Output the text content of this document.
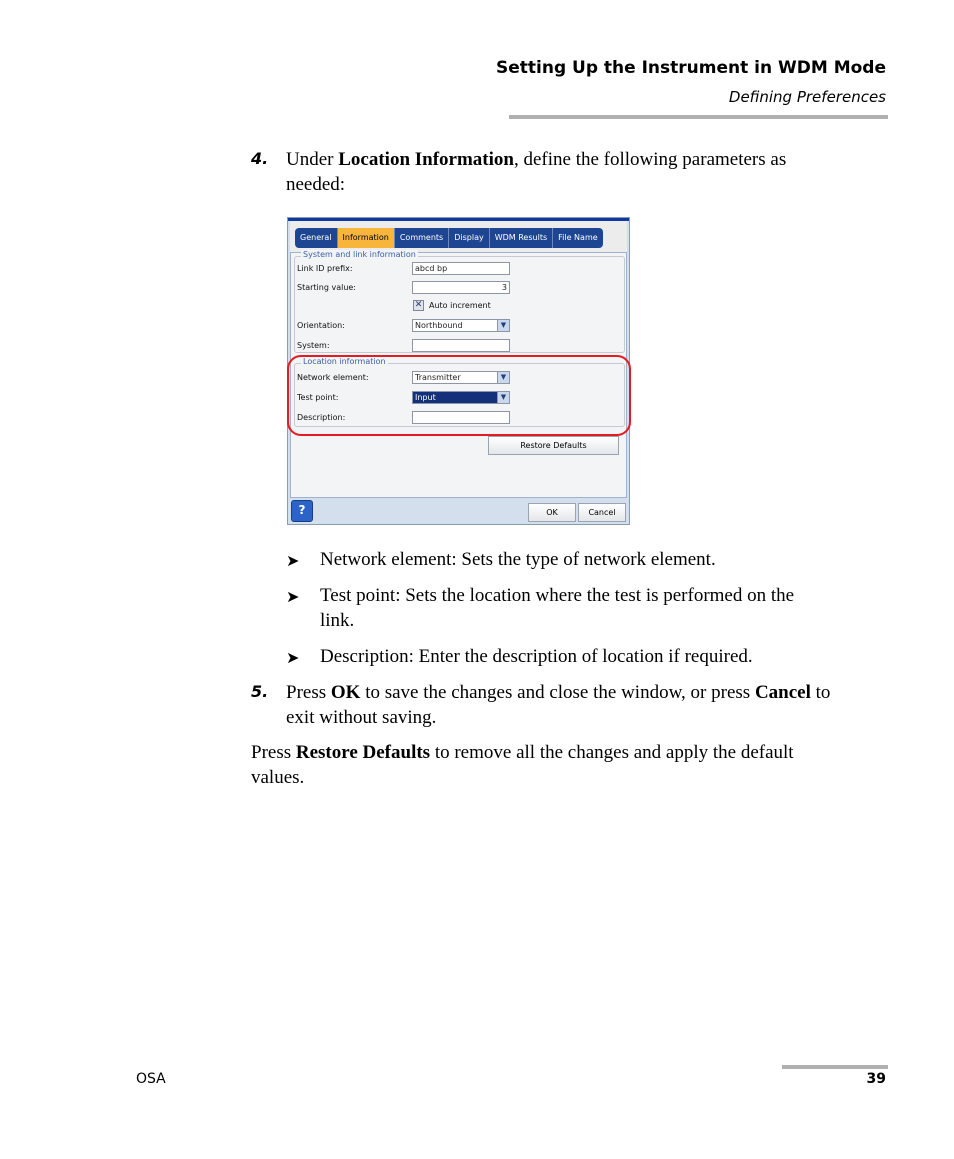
Setting Up the Instrument in WDM Mode
Defining Preferences
4. Under Location Information, define the following parameters as
needed:
General	Information	Comments	Display	WDM Results	File Name
System and link information
Link ID prefix:	abcd bp
Starting value:	3
✕ Auto increment
Orientation:	Northbound	▼
System:
Location information
Network element:	Transmitter	▼
Test point:	Input	▼
Description:
Restore Defaults
?	OK	Cancel
➤ Network element: Sets the type of network element.
➤ Test point: Sets the location where the test is performed on the
link.
➤ Description: Enter the description of location if required.
5. Press OK to save the changes and close the window, or press Cancel to
exit without saving.
Press Restore Defaults to remove all the changes and apply the default
values.
OSA	39
